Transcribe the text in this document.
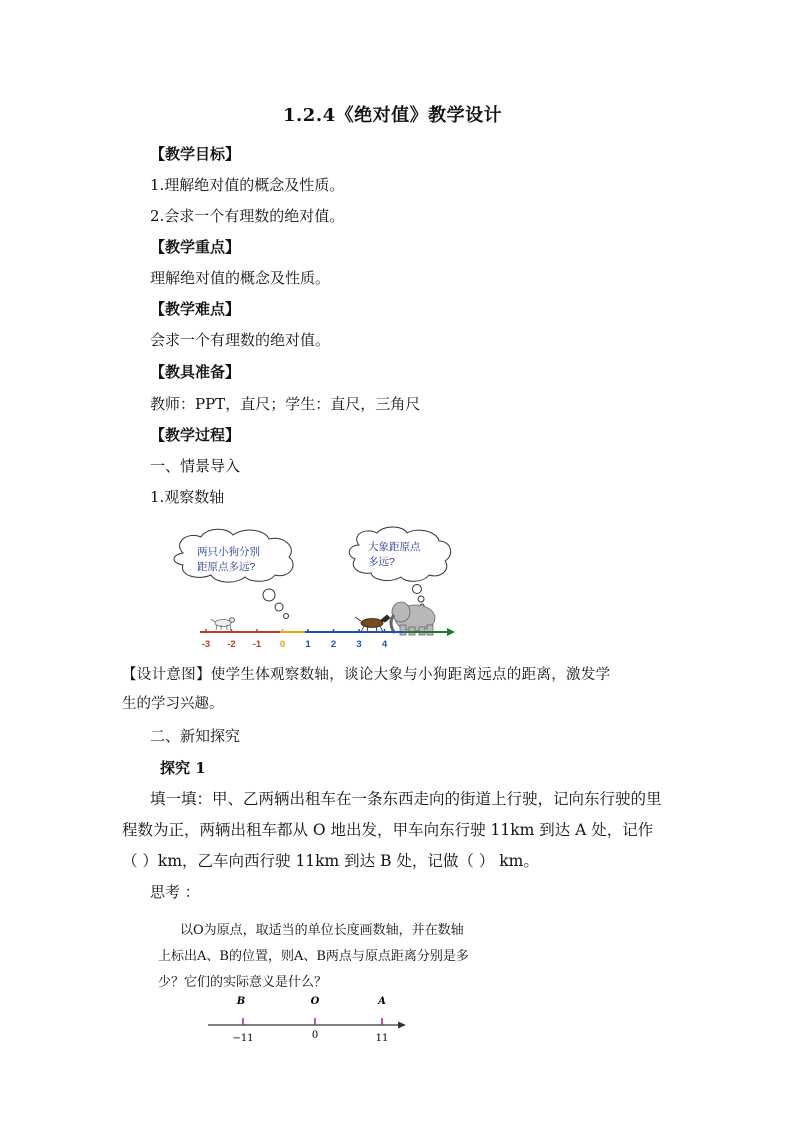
1.2.4《绝对值》教学设计
【教学目标】
1.理解绝对值的概念及性质。
2.会求一个有理数的绝对值。
【教学重点】
理解绝对值的概念及性质。
【教学难点】
会求一个有理数的绝对值。
【教具准备】
教师：PPT，直尺；学生：直尺，三角尺
【教学过程】
一、情景导入
1.观察数轴
两只小狗分别
距原点多远?
大象距原点
多远?
-3 -2 -1 0 1 2 3 4
【设计意图】使学生体观察数轴，谈论大象与小狗距离远点的距离，激发学
生的学习兴趣。
二、新知探究
探究 1
填一填：甲、乙两辆出租车在一条东西走向的街道上行驶，记向东行驶的里
程数为正，两辆出租车都从 O 地出发，甲车向东行驶 11km 到达 A 处，记作
（ ）km，乙车向西行驶 11km 到达 B 处，记做（ ） km。
思考 ：
以O为原点，取适当的单位长度画数轴，并在数轴
上标出A、B的位置，则A、B两点与原点距离分别是多
少？它们的实际意义是什么？
B	O	A
−11	0	11
